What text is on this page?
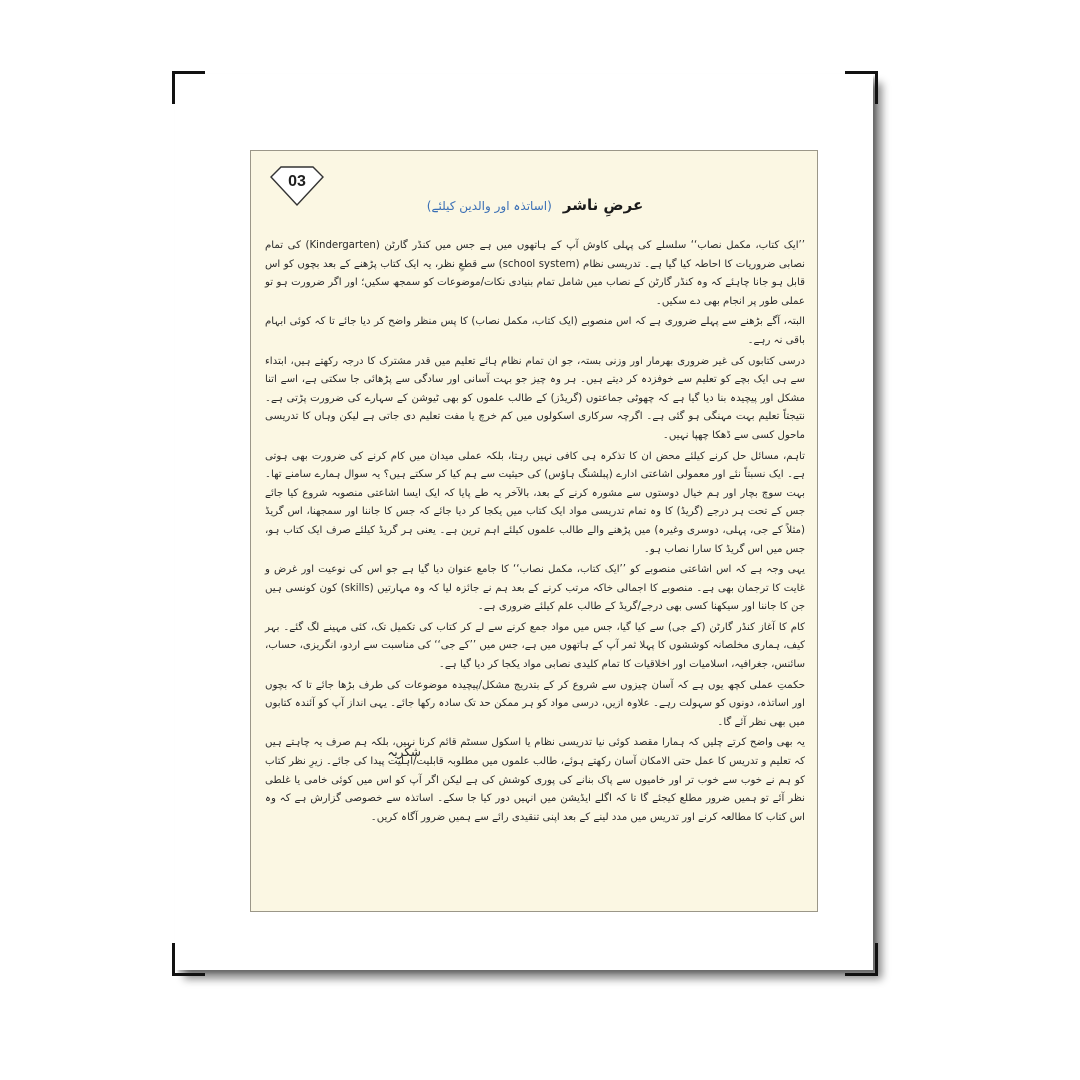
03
عرضِ ناشر (اساتذہ اور والدین کیلئے)

’’ایک کتاب، مکمل نصاب‘‘ سلسلے کی پہلی کاوش آپ کے ہاتھوں میں ہے جس میں کنڈر گارٹن (Kindergarten) کی تمام نصابی ضروریات کا احاطہ کیا گیا ہے۔ تدریسی نظام (school system) سے قطعِ نظر، یہ ایک کتاب پڑھنے کے بعد بچوں کو اس قابل ہو جانا چاہئے کہ وہ کنڈر گارٹن کے نصاب میں شامل تمام بنیادی نکات/موضوعات کو سمجھ سکیں؛ اور اگر ضرورت ہو تو عملی طور پر انجام بھی دے سکیں۔

البتہ، آگے بڑھنے سے پہلے ضروری ہے کہ اس منصوبے (ایک کتاب، مکمل نصاب) کا پس منظر واضح کر دیا جائے تا کہ کوئی ابہام باقی نہ رہے۔

درسی کتابوں کی غیر ضروری بھرمار اور وزنی بستہ، جو ان تمام نظام ہائے تعلیم میں قدر مشترک کا درجہ رکھتے ہیں، ابتداء سے ہی ایک بچے کو تعلیم سے خوفزدہ کر دیتے ہیں۔ ہر وہ چیز جو بہت آسانی اور سادگی سے پڑھائی جا سکتی ہے، اسے اتنا مشکل اور پیچیدہ بنا دیا گیا ہے کہ چھوٹی جماعتوں (گریڈز) کے طالب علموں کو بھی ٹیوشن کے سہارے کی ضرورت پڑتی ہے۔ نتیجتاً تعلیم بہت مہنگی ہو گئی ہے۔ اگرچہ سرکاری اسکولوں میں کم خرچ یا مفت تعلیم دی جاتی ہے لیکن وہاں کا تدریسی ماحول کسی سے ڈھکا چھپا نہیں۔

تاہم، مسائل حل کرنے کیلئے محض ان کا تذکرہ ہی کافی نہیں رہتا، بلکہ عملی میدان میں کام کرنے کی ضرورت بھی ہوتی ہے۔ ایک نسبتاً نئے اور معمولی اشاعتی ادارے (پبلشنگ ہاؤس) کی حیثیت سے ہم کیا کر سکتے ہیں؟ یہ سوال ہمارے سامنے تھا۔ بہت سوچ بچار اور ہم خیال دوستوں سے مشورہ کرنے کے بعد، بالآخر یہ طے پایا کہ ایک ایسا اشاعتی منصوبہ شروع کیا جائے جس کے تحت ہر درجے (گریڈ) کا وہ تمام تدریسی مواد ایک کتاب میں یکجا کر دیا جائے کہ جس کا جاننا اور سمجھنا، اس گریڈ (مثلاً کے جی، پہلی، دوسری وغیرہ) میں پڑھنے والے طالب علموں کیلئے اہم ترین ہے۔ یعنی ہر گریڈ کیلئے صرف ایک کتاب ہو، جس میں اس گریڈ کا سارا نصاب ہو۔

یہی وجہ ہے کہ اس اشاعتی منصوبے کو ’’ایک کتاب، مکمل نصاب‘‘ کا جامع عنوان دیا گیا ہے جو اس کی نوعیت اور غرض و غایت کا ترجمان بھی ہے۔ منصوبے کا اجمالی خاکہ مرتب کرنے کے بعد ہم نے جائزہ لیا کہ وہ مہارتیں (skills) کون کونسی ہیں جن کا جاننا اور سیکھنا کسی بھی درجے/گریڈ کے طالب علم کیلئے ضروری ہے۔

کام کا آغاز کنڈر گارٹن (کے جی) سے کیا گیا، جس میں مواد جمع کرنے سے لے کر کتاب کی تکمیل تک، کئی مہینے لگ گئے۔ بہر کیف، ہماری مخلصانہ کوششوں کا پہلا ثمر آپ کے ہاتھوں میں ہے، جس میں ’’کے جی‘‘ کی مناسبت سے اردو، انگریزی، حساب، سائنس، جغرافیہ، اسلامیات اور اخلاقیات کا تمام کلیدی نصابی مواد یکجا کر دیا گیا ہے۔

حکمتِ عملی کچھ یوں ہے کہ آسان چیزوں سے شروع کر کے بتدریج مشکل/پیچیدہ موضوعات کی طرف بڑھا جائے تا کہ بچوں اور اساتذہ، دونوں کو سہولت رہے۔ علاوہ ازیں، درسی مواد کو ہر ممکن حد تک سادہ رکھا جائے۔ یہی انداز آپ کو آئندہ کتابوں میں بھی نظر آئے گا۔

یہ بھی واضح کرتے چلیں کہ ہمارا مقصد کوئی نیا تدریسی نظام یا اسکول سسٹم قائم کرنا نہیں، بلکہ ہم صرف یہ چاہتے ہیں کہ تعلیم و تدریس کا عمل حتی الامکان آسان رکھتے ہوئے، طالب علموں میں مطلوبہ قابلیت/اہلیت پیدا کی جائے۔ زیرِ نظر کتاب کو ہم نے خوب سے خوب تر اور خامیوں سے پاک بنانے کی پوری کوشش کی ہے لیکن اگر آپ کو اس میں کوئی خامی یا غلطی نظر آئے تو ہمیں ضرور مطلع کیجئے گا تا کہ اگلے ایڈیشن میں انہیں دور کیا جا سکے۔ اساتذہ سے خصوصی گزارش ہے کہ وہ اس کتاب کا مطالعہ کرنے اور تدریس میں مدد لینے کے بعد اپنی تنقیدی رائے سے ہمیں ضرور آگاہ کریں۔

شکریہ
